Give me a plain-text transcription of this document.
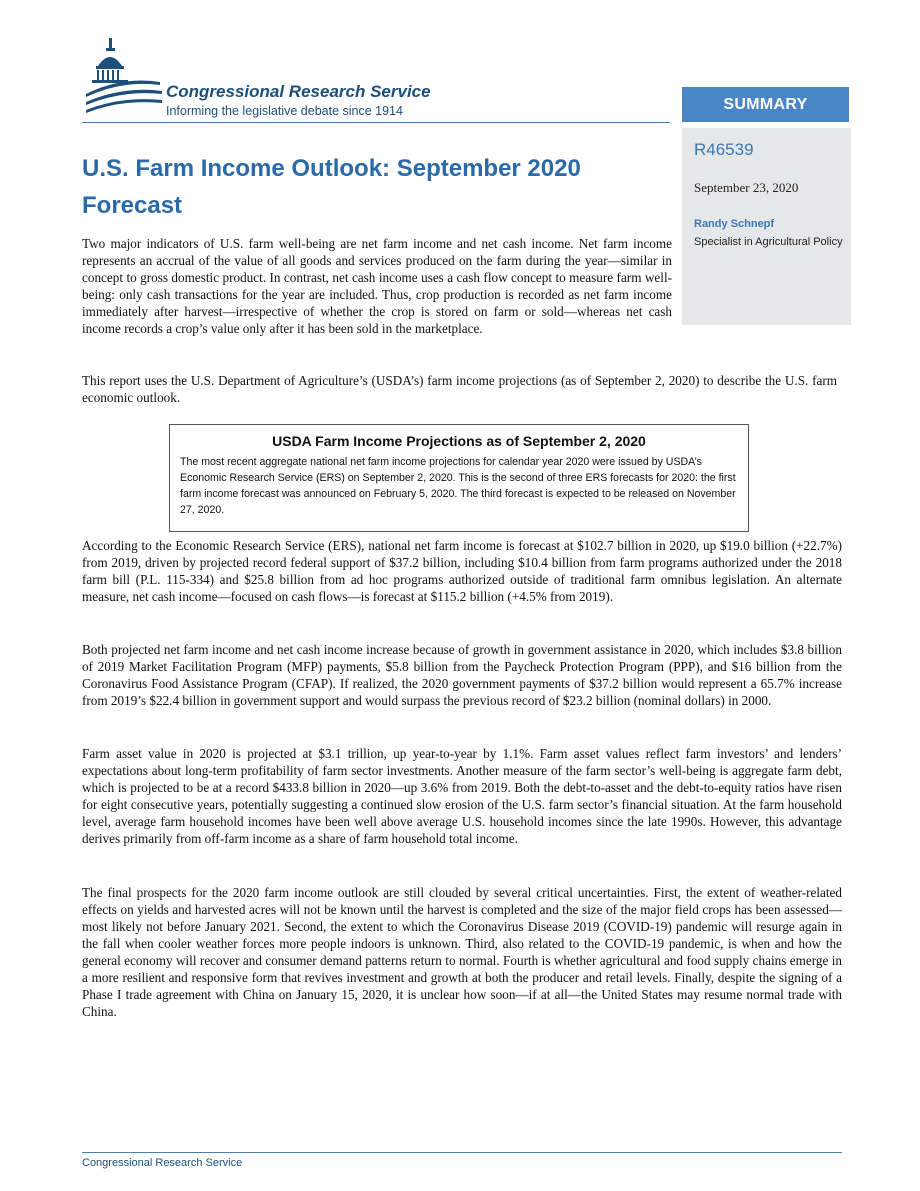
Congressional Research Service
Informing the legislative debate since 1914	SUMMARY
R46539
September 23, 2020
Randy Schnepf
Specialist in Agricultural Policy
U.S. Farm Income Outlook: September 2020 Forecast

Two major indicators of U.S. farm well-being are net farm income and net cash income. Net farm income represents an accrual of the value of all goods and services produced on the farm during the year—similar in concept to gross domestic product. In contrast, net cash income uses a cash flow concept to measure farm well-being: only cash transactions for the year are included. Thus, crop production is recorded as net farm income immediately after harvest—irrespective of whether the crop is stored on farm or sold—whereas net cash income records a crop’s value only after it has been sold in the marketplace.

This report uses the U.S. Department of Agriculture’s (USDA’s) farm income projections (as of September 2, 2020) to describe the U.S. farm economic outlook.

USDA Farm Income Projections as of September 2, 2020
The most recent aggregate national net farm income projections for calendar year 2020 were issued by USDA’s Economic Research Service (ERS) on September 2, 2020. This is the second of three ERS forecasts for 2020: the first farm income forecast was announced on February 5, 2020. The third forecast is expected to be released on November 27, 2020.

According to the Economic Research Service (ERS), national net farm income is forecast at $102.7 billion in 2020, up $19.0 billion (+22.7%) from 2019, driven by projected record federal support of $37.2 billion, including $10.4 billion from farm programs authorized under the 2018 farm bill (P.L. 115-334) and $25.8 billion from ad hoc programs authorized outside of traditional farm omnibus legislation. An alternate measure, net cash income—focused on cash flows—is forecast at $115.2 billion (+4.5% from 2019).

Both projected net farm income and net cash income increase because of growth in government assistance in 2020, which includes $3.8 billion of 2019 Market Facilitation Program (MFP) payments, $5.8 billion from the Paycheck Protection Program (PPP), and $16 billion from the Coronavirus Food Assistance Program (CFAP). If realized, the 2020 government payments of $37.2 billion would represent a 65.7% increase from 2019’s $22.4 billion in government support and would surpass the previous record of $23.2 billion (nominal dollars) in 2000.

Farm asset value in 2020 is projected at $3.1 trillion, up year-to-year by 1.1%. Farm asset values reflect farm investors’ and lenders’ expectations about long-term profitability of farm sector investments. Another measure of the farm sector’s well-being is aggregate farm debt, which is projected to be at a record $433.8 billion in 2020—up 3.6% from 2019. Both the debt-to-asset and the debt-to-equity ratios have risen for eight consecutive years, potentially suggesting a continued slow erosion of the U.S. farm sector’s financial situation. At the farm household level, average farm household incomes have been well above average U.S. household incomes since the late 1990s. However, this advantage derives primarily from off-farm income as a share of farm household total income.

The final prospects for the 2020 farm income outlook are still clouded by several critical uncertainties. First, the extent of weather-related effects on yields and harvested acres will not be known until the harvest is completed and the size of the major field crops has been assessed—most likely not before January 2021. Second, the extent to which the Coronavirus Disease 2019 (COVID-19) pandemic will resurge again in the fall when cooler weather forces more people indoors is unknown. Third, also related to the COVID-19 pandemic, is when and how the general economy will recover and consumer demand patterns return to normal. Fourth is whether agricultural and food supply chains emerge in a more resilient and responsive form that revives investment and growth at both the producer and retail levels. Finally, despite the signing of a Phase I trade agreement with China on January 15, 2020, it is unclear how soon—if at all—the United States may resume normal trade with China.

Congressional Research Service
